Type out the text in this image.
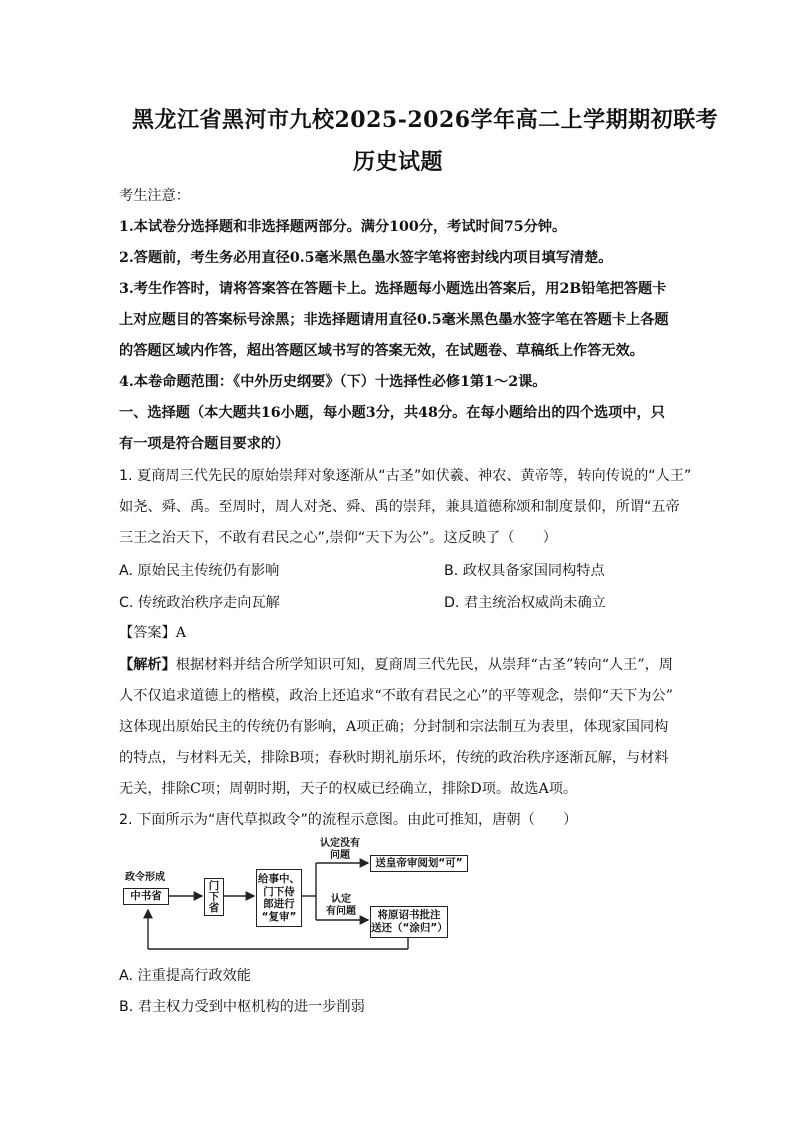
黑龙江省黑河市九校2025-2026学年高二上学期期初联考
历史试题
考生注意：
1.本试卷分选择题和非选择题两部分。满分100分，考试时间75分钟。
2.答题前，考生务必用直径0.5毫米黑色墨水签字笔将密封线内项目填写清楚。
3.考生作答时，请将答案答在答题卡上。选择题每小题选出答案后，用2B铅笔把答题卡
上对应题目的答案标号涂黑；非选择题请用直径0.5毫米黑色墨水签字笔在答题卡上各题
的答题区域内作答，超出答题区域书写的答案无效，在试题卷、草稿纸上作答无效。
4.本卷命题范围：《中外历史纲要》（下）十选择性必修1第1～2课。
一、选择题（本大题共16小题，每小题3分，共48分。在每小题给出的四个选项中，只
有一项是符合题目要求的）
1. 夏商周三代先民的原始崇拜对象逐渐从“古圣”如伏羲、神农、黄帝等，转向传说的“人王”
如尧、舜、禹。至周时，周人对尧、舜、禹的崇拜，兼具道德称颂和制度景仰，所谓“五帝
三王之治天下，不敢有君民之心”,崇仰“天下为公”。这反映了（　　）
A. 原始民主传统仍有影响	B. 政权具备家国同构特点
C. 传统政治秩序走向瓦解	D. 君主统治权威尚未确立
【答案】A
【解析】根据材料并结合所学知识可知，夏商周三代先民，从崇拜“古圣”转向“人王”，周
人不仅追求道德上的楷模，政治上还追求“不敢有君民之心”的平等观念，崇仰“天下为公”
这体现出原始民主的传统仍有影响，A项正确；分封制和宗法制互为表里，体现家国同构
的特点，与材料无关，排除B项；春秋时期礼崩乐坏，传统的政治秩序逐渐瓦解，与材料
无关，排除C项；周朝时期，天子的权威已经确立，排除D项。故选A项。
2. 下面所示为“唐代草拟政令”的流程示意图。由此可推知，唐朝（　　）
政令形成
中书省
门
下
省
给事中、
门下侍
郎进行
“复审”
认定没有
问题
认定
有问题
送皇帝审阅划“可”
将原诏书批注
送还（“涂归”）
A. 注重提高行政效能
B. 君主权力受到中枢机构的进一步削弱
